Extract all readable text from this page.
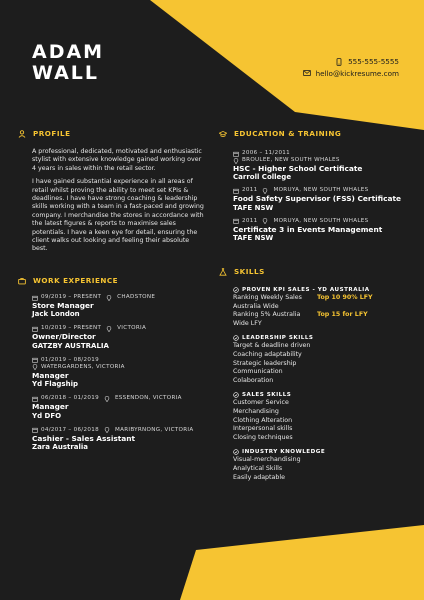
ADAM
WALL
555-555-5555
hello@kickresume.com
PROFILE

A professional, dedicated, motivated and enthusiastic stylist with extensive knowledge gained working over 4 years in sales within the retail sector.

I have gained substantial experience in all areas of retail whilst proving the ability to meet set KPIs & deadlines. I have have strong coaching & leadership skills working with a team in a fast-paced and growing company. I merchandise the stores in accordance with the latest figures & reports to maximise sales potentials. I have a keen eye for detail, ensuring the client walks out looking and feeling their absolute best.

WORK EXPERIENCE
09/2019 – PRESENT	CHADSTONE
Store Manager
Jack London
10/2019 – PRESENT	VICTORIA
Owner/Director
GATZBY AUSTRALIA
01/2019 – 08/2019
WATERGARDENS, VICTORIA
Manager
Yd Flagship
06/2018 – 01/2019	ESSENDON, VICTORIA
Manager
Yd DFO
04/2017 – 06/2018	MARIBYRNONG, VICTORIA
Cashier - Sales Assistant
Zara Australia
EDUCATION & TRAINING
2006 – 11/2011
BROULEE, NEW SOUTH WHALES
HSC - Higher School Certificate
Carroll College
2011	MORUYA, NEW SOUTH WHALES
Food Safety Supervisor (FSS) Certificate
TAFE NSW
2011	MORUYA, NEW SOUTH WHALES
Certificate 3 in Events Management
TAFE NSW
SKILLS
PROVEN KPI SALES - YD AUSTRALIA
Ranking Weekly Sales Australia Wide
Top 10 90% LFY
Ranking 5% Australia Wide LFY
Top 15 for LFY
LEADERSHIP SKILLS
Target & deadline driven
Coaching adaptability
Strategic leadership
Communication
Colaboration
SALES SKILLS
Customer Service
Merchandising
Clothing Alteration
Interpersonal skills
Closing techniques
INDUSTRY KNOWLEDGE
Visual-merchandising
Analytical Skills
Easily adaptable
